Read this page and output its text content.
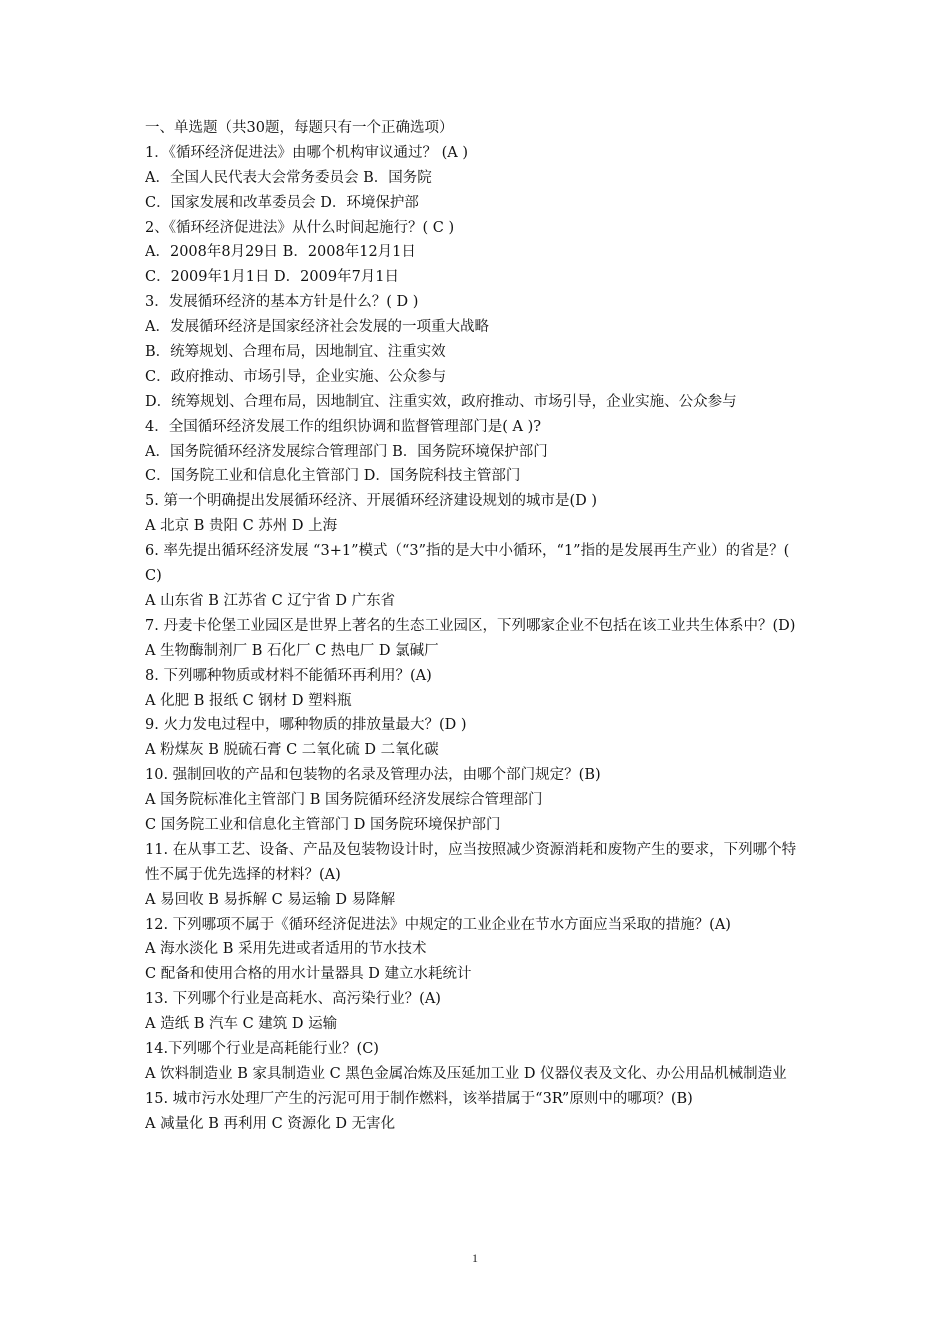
一、单选题（共30题，每题只有一个正确选项）
1．《循环经济促进法》由哪个机构审议通过？ (A )
A．全国人民代表大会常务委员会 B．国务院
C．国家发展和改革委员会 D．环境保护部
2、《循环经济促进法》从什么时间起施行？( C )
A．2008年8月29日 B．2008年12月1日
C．2009年1月1日 D．2009年7月1日
3．发展循环经济的基本方针是什么？( D )
A．发展循环经济是国家经济社会发展的一项重大战略
B．统筹规划、合理布局，因地制宜、注重实效
C．政府推动、市场引导，企业实施、公众参与
D．统筹规划、合理布局，因地制宜、注重实效，政府推动、市场引导，企业实施、公众参与
4．全国循环经济发展工作的组织协调和监督管理部门是( A )?
A．国务院循环经济发展综合管理部门 B．国务院环境保护部门
C．国务院工业和信息化主管部门 D．国务院科技主管部门
5. 第一个明确提出发展循环经济、开展循环经济建设规划的城市是(D )
A 北京 B 贵阳 C 苏州 D 上海
6. 率先提出循环经济发展 “3+1”模式（“3”指的是大中小循环，“1”指的是发展再生产业）的省是？( C)
A 山东省 B 江苏省 C 辽宁省 D 广东省
7. 丹麦卡伦堡工业园区是世界上著名的生态工业园区，下列哪家企业不包括在该工业共生体系中？(D)
A 生物酶制剂厂 B 石化厂 C 热电厂 D 氯碱厂
8. 下列哪种物质或材料不能循环再利用？(A)
A 化肥 B 报纸 C 钢材 D 塑料瓶
9. 火力发电过程中，哪种物质的排放量最大？(D )
A 粉煤灰 B 脱硫石膏 C 二氧化硫 D 二氧化碳
10. 强制回收的产品和包装物的名录及管理办法，由哪个部门规定？(B)
A 国务院标准化主管部门 B 国务院循环经济发展综合管理部门
C 国务院工业和信息化主管部门 D 国务院环境保护部门
11. 在从事工艺、设备、产品及包装物设计时，应当按照减少资源消耗和废物产生的要求，下列哪个特性不属于优先选择的材料？(A)
A 易回收 B 易拆解 C 易运输 D 易降解
12. 下列哪项不属于《循环经济促进法》中规定的工业企业在节水方面应当采取的措施？(A)
A 海水淡化 B 采用先进或者适用的节水技术
C 配备和使用合格的用水计量器具 D 建立水耗统计
13. 下列哪个行业是高耗水、高污染行业？(A)
A 造纸 B 汽车 C 建筑 D 运输
14.下列哪个行业是高耗能行业？(C)
A 饮料制造业 B 家具制造业 C 黑色金属冶炼及压延加工业 D 仪器仪表及文化、办公用品机械制造业
15. 城市污水处理厂产生的污泥可用于制作燃料，该举措属于“3R”原则中的哪项？(B)
A 减量化 B 再利用 C 资源化 D 无害化
1
